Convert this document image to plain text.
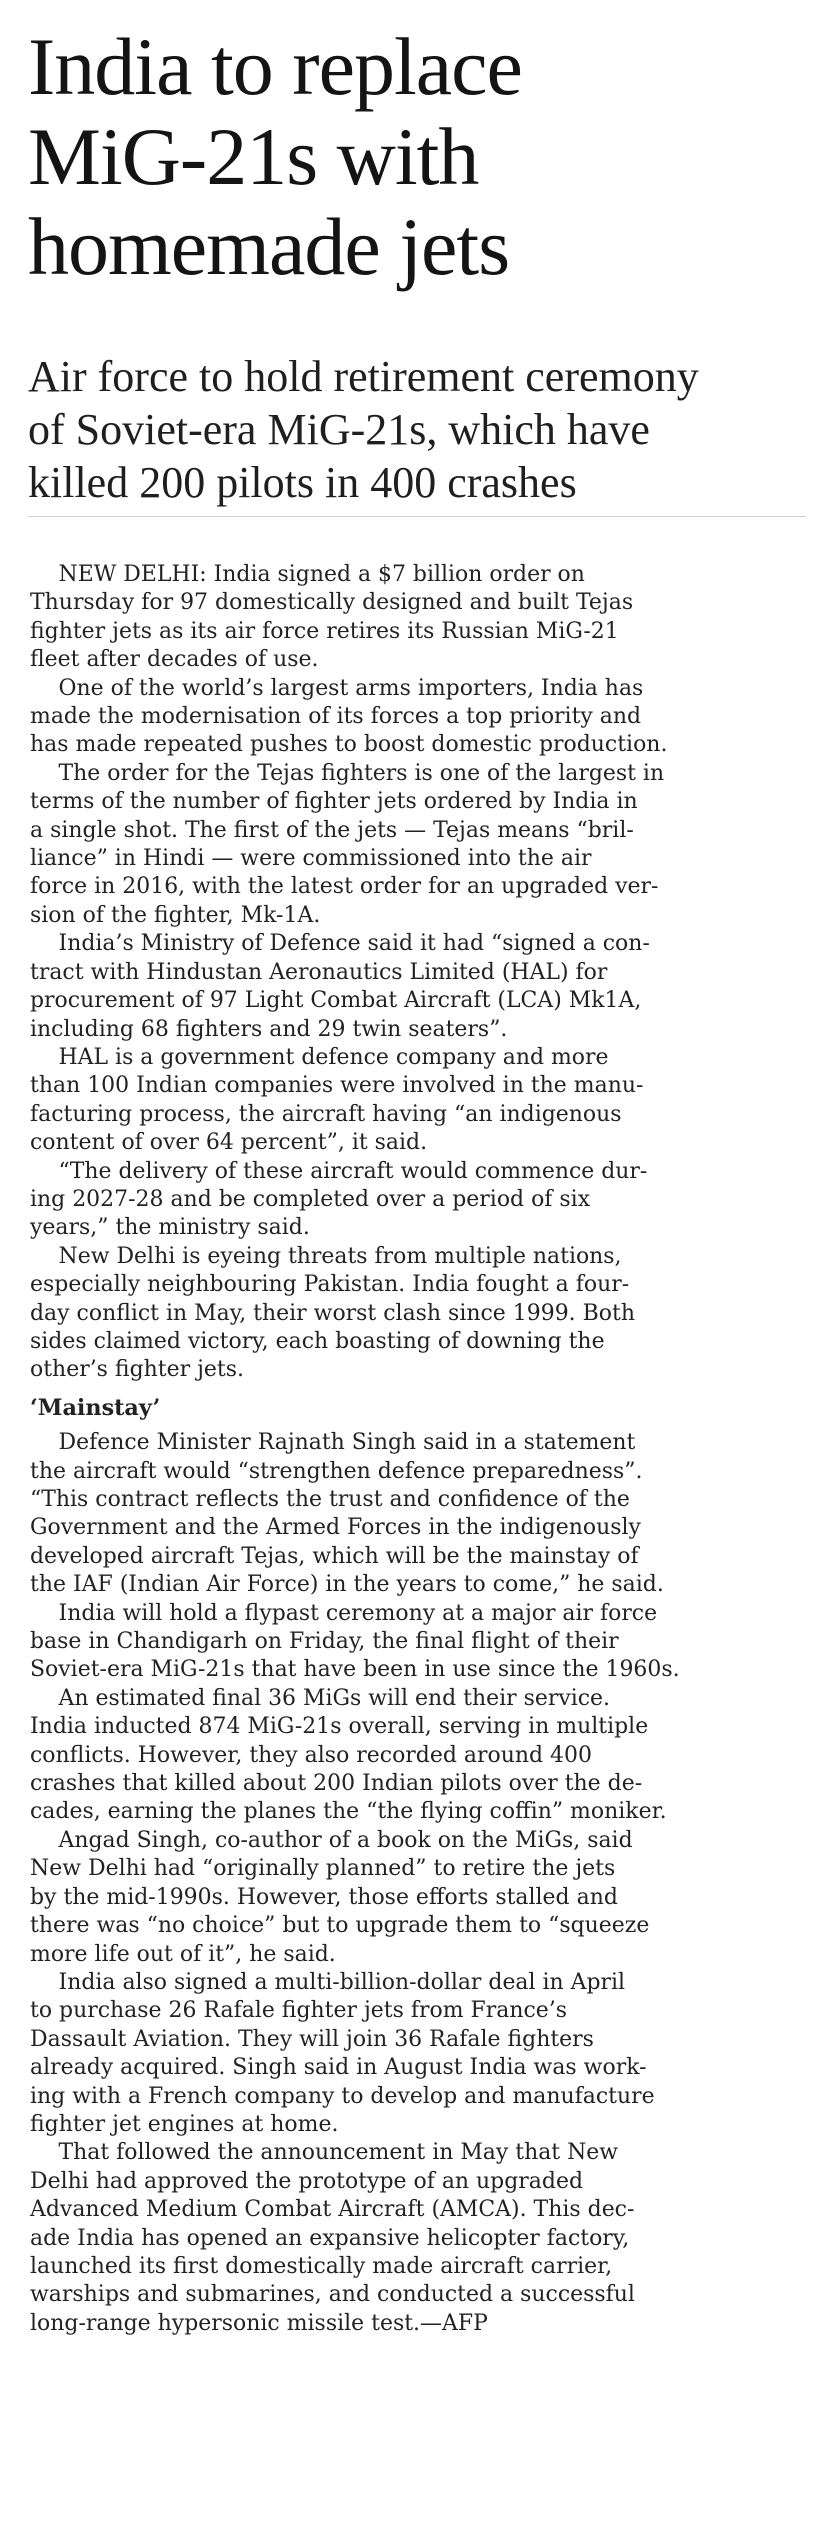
India to replace
MiG-21s with
homemade jets
Air force to hold retirement ceremony
of Soviet-era MiG-21s, which have
killed 200 pilots in 400 crashes

NEW DELHI: India signed a $7 billion order on
Thursday for 97 domestically designed and built Tejas
fighter jets as its air force retires its Russian MiG-21
fleet after decades of use.

One of the world’s largest arms importers, India has
made the modernisation of its forces a top priority and
has made repeated pushes to boost domestic production.

The order for the Tejas fighters is one of the largest in
terms of the number of fighter jets ordered by India in
a single shot. The first of the jets — Tejas means “bril-
liance” in Hindi — were commissioned into the air
force in 2016, with the latest order for an upgraded ver-
sion of the fighter, Mk-1A.

India’s Ministry of Defence said it had “signed a con-
tract with Hindustan Aeronautics Limited (HAL) for
procurement of 97 Light Combat Aircraft (LCA) Mk1A,
including 68 fighters and 29 twin seaters”.

HAL is a government defence company and more
than 100 Indian companies were involved in the manu-
facturing process, the aircraft having “an indigenous
content of over 64 percent”, it said.

“The delivery of these aircraft would commence dur-
ing 2027-28 and be completed over a period of six
years,” the ministry said.

New Delhi is eyeing threats from multiple nations,
especially neighbouring Pakistan. India fought a four-
day conflict in May, their worst clash since 1999. Both
sides claimed victory, each boasting of downing the
other’s fighter jets.

‘Mainstay’

Defence Minister Rajnath Singh said in a statement
the aircraft would “strengthen defence preparedness”.
“This contract reflects the trust and confidence of the
Government and the Armed Forces in the indigenously
developed aircraft Tejas, which will be the mainstay of
the IAF (Indian Air Force) in the years to come,” he said.

India will hold a flypast ceremony at a major air force
base in Chandigarh on Friday, the final flight of their
Soviet-era MiG-21s that have been in use since the 1960s.

An estimated final 36 MiGs will end their service.
India inducted 874 MiG-21s overall, serving in multiple
conflicts. However, they also recorded around 400
crashes that killed about 200 Indian pilots over the de-
cades, earning the planes the “the flying coffin” moniker.

Angad Singh, co-author of a book on the MiGs, said
New Delhi had “originally planned” to retire the jets
by the mid-1990s. However, those efforts stalled and
there was “no choice” but to upgrade them to “squeeze
more life out of it”, he said.

India also signed a multi-billion-dollar deal in April
to purchase 26 Rafale fighter jets from France’s
Dassault Aviation. They will join 36 Rafale fighters
already acquired. Singh said in August India was work-
ing with a French company to develop and manufacture
fighter jet engines at home.

That followed the announcement in May that New
Delhi had approved the prototype of an upgraded
Advanced Medium Combat Aircraft (AMCA). This dec-
ade India has opened an expansive helicopter factory,
launched its first domestically made aircraft carrier,
warships and submarines, and conducted a successful
long-range hypersonic missile test.—AFP
